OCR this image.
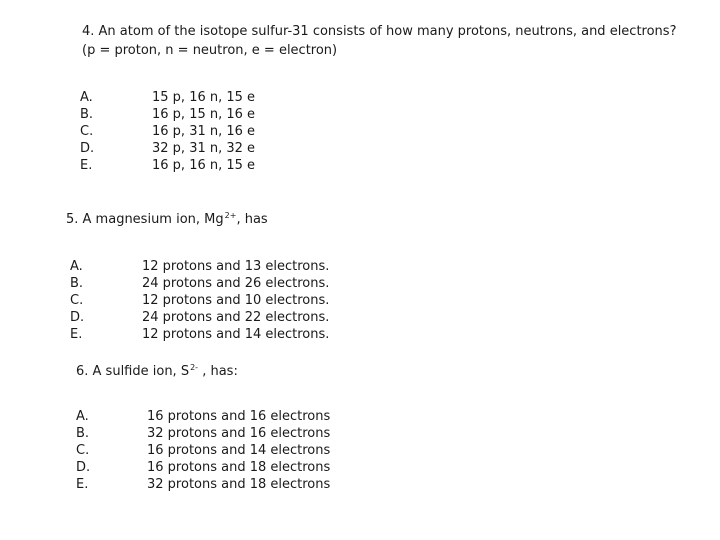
4. An atom of the isotope sulfur-31 consists of how many protons, neutrons, and electrons?
(p = proton, n = neutron, e = electron)
A.	15 p, 16 n, 15 e
B.	16 p, 15 n, 16 e
C.	16 p, 31 n, 16 e
D.	32 p, 31 n, 32 e
E.	16 p, 16 n, 15 e
5. A magnesium ion, $Mg^{2+}$, has
A.	12 protons and 13 electrons.
B.	24 protons and 26 electrons.
C.	12 protons and 10 electrons.
D.	24 protons and 22 electrons.
E.	12 protons and 14 electrons.
6. A sulfide ion, $S^{2-}$ , has:
A.	16 protons and 16 electrons
B.	32 protons and 16 electrons
C.	16 protons and 14 electrons
D.	16 protons and 18 electrons
E.	32 protons and 18 electrons
